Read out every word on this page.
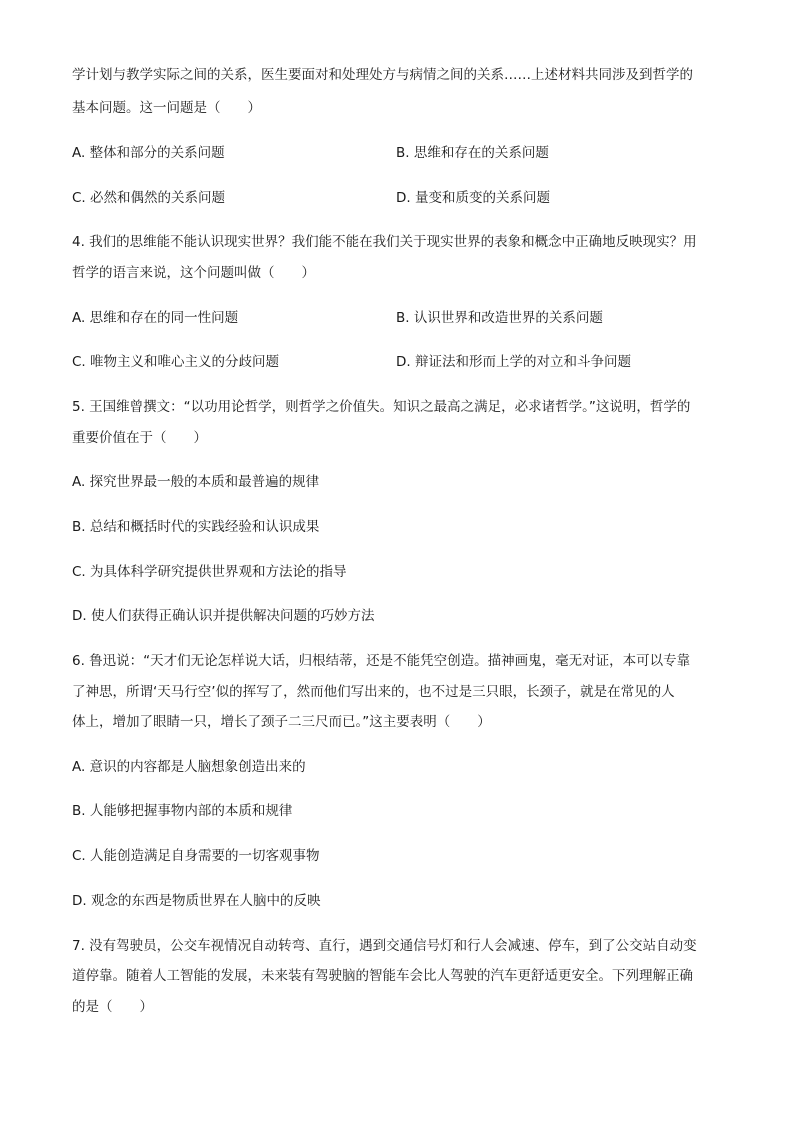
学计划与教学实际之间的关系，医生要面对和处理处方与病情之间的关系……上述材料共同涉及到哲学的
基本问题。这一问题是（　　）
A. 整体和部分的关系问题	B. 思维和存在的关系问题
C. 必然和偶然的关系问题	D. 量变和质变的关系问题
4. 我们的思维能不能认识现实世界？我们能不能在我们关于现实世界的表象和概念中正确地反映现实？用
哲学的语言来说，这个问题叫做（　　）
A. 思维和存在的同一性问题	B. 认识世界和改造世界的关系问题
C. 唯物主义和唯心主义的分歧问题	D. 辩证法和形而上学的对立和斗争问题
5. 王国维曾撰文：“以功用论哲学，则哲学之价值失。知识之最高之满足，必求诸哲学。”这说明，哲学的
重要价值在于（　　）
A. 探究世界最一般的本质和最普遍的规律
B. 总结和概括时代的实践经验和认识成果
C. 为具体科学研究提供世界观和方法论的指导
D. 使人们获得正确认识并提供解决问题的巧妙方法
6. 鲁迅说：“天才们无论怎样说大话，归根结蒂，还是不能凭空创造。描神画鬼，毫无对证，本可以专靠
了神思，所谓‘天马行空’似的挥写了，然而他们写出来的，也不过是三只眼，长颈子，就是在常见的人
体上，增加了眼睛一只，增长了颈子二三尺而已。”这主要表明（　　）
A. 意识的内容都是人脑想象创造出来的
B. 人能够把握事物内部的本质和规律
C. 人能创造满足自身需要的一切客观事物
D. 观念的东西是物质世界在人脑中的反映
7. 没有驾驶员，公交车视情况自动转弯、直行，遇到交通信号灯和行人会减速、停车，到了公交站自动变
道停靠。随着人工智能的发展，未来装有驾驶脑的智能车会比人驾驶的汽车更舒适更安全。下列理解正确
的是（　　）
